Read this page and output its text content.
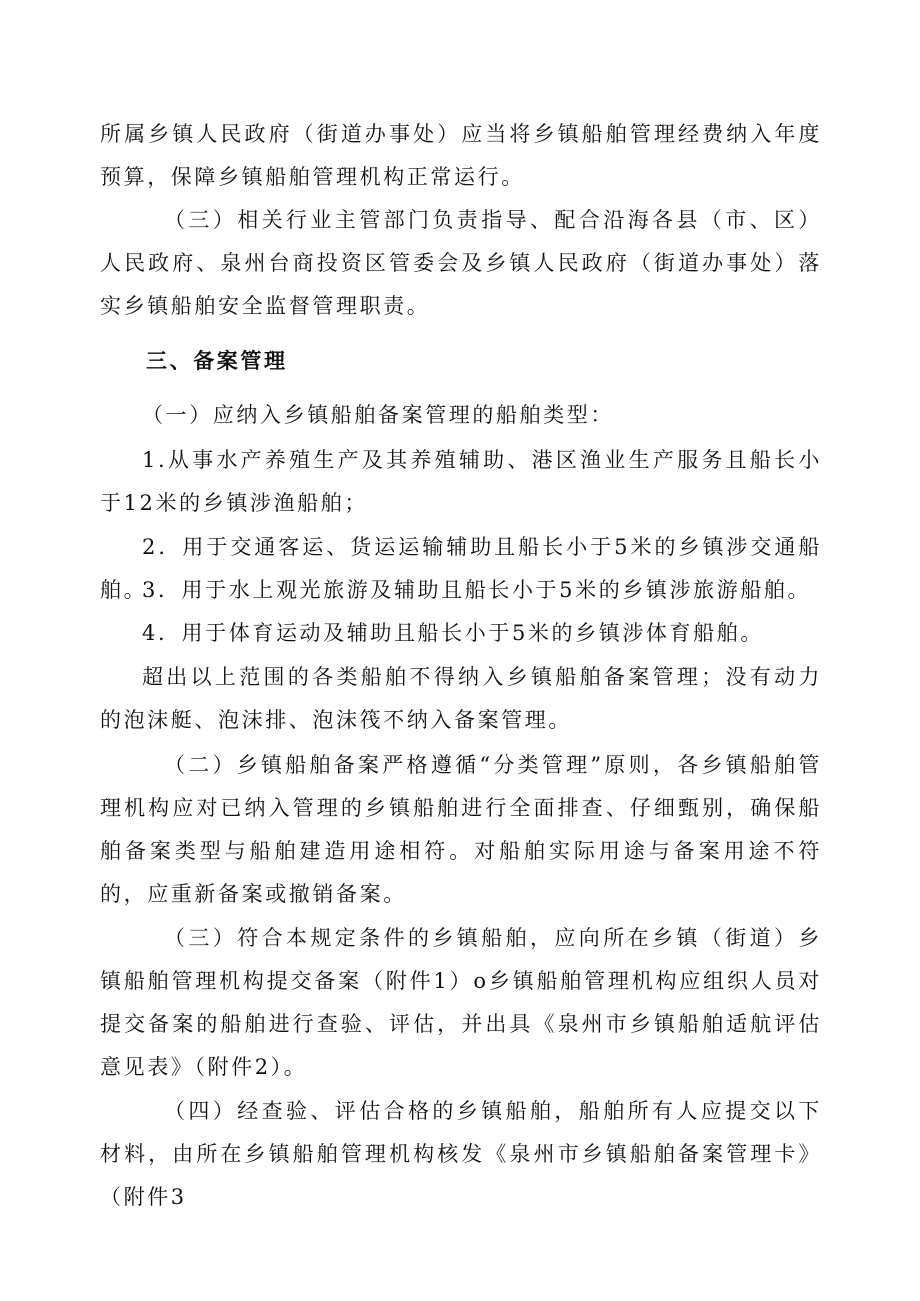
所属乡镇人民政府（街道办事处）应当将乡镇船舶管理经费纳入年度预算，保障乡镇船舶管理机构正常运行。

（三）相关行业主管部门负责指导、配合沿海各县（市、区）人民政府、泉州台商投资区管委会及乡镇人民政府（街道办事处）落实乡镇船舶安全监督管理职责。

三、备案管理

（一）应纳入乡镇船舶备案管理的船舶类型：

1.从事水产养殖生产及其养殖辅助、港区渔业生产服务且船长小于12米的乡镇涉渔船舶；

2．用于交通客运、货运运输辅助且船长小于5米的乡镇涉交通船舶。

3．用于水上观光旅游及辅助且船长小于5米的乡镇涉旅游船舶。

4．用于体育运动及辅助且船长小于5米的乡镇涉体育船舶。

超出以上范围的各类船舶不得纳入乡镇船舶备案管理；没有动力的泡沫艇、泡沫排、泡沫筏不纳入备案管理。

（二）乡镇船舶备案严格遵循“分类管理”原则，各乡镇船舶管理机构应对已纳入管理的乡镇船舶进行全面排查、仔细甄别，确保船舶备案类型与船舶建造用途相符。对船舶实际用途与备案用途不符的，应重新备案或撤销备案。

（三）符合本规定条件的乡镇船舶，应向所在乡镇（街道）乡镇船舶管理机构提交备案（附件1）o乡镇船舶管理机构应组织人员对提交备案的船舶进行查验、评估，并出具《泉州市乡镇船舶适航评估意见表》（附件2）。

（四）经查验、评估合格的乡镇船舶，船舶所有人应提交以下材料，由所在乡镇船舶管理机构核发《泉州市乡镇船舶备案管理卡》（附件3
